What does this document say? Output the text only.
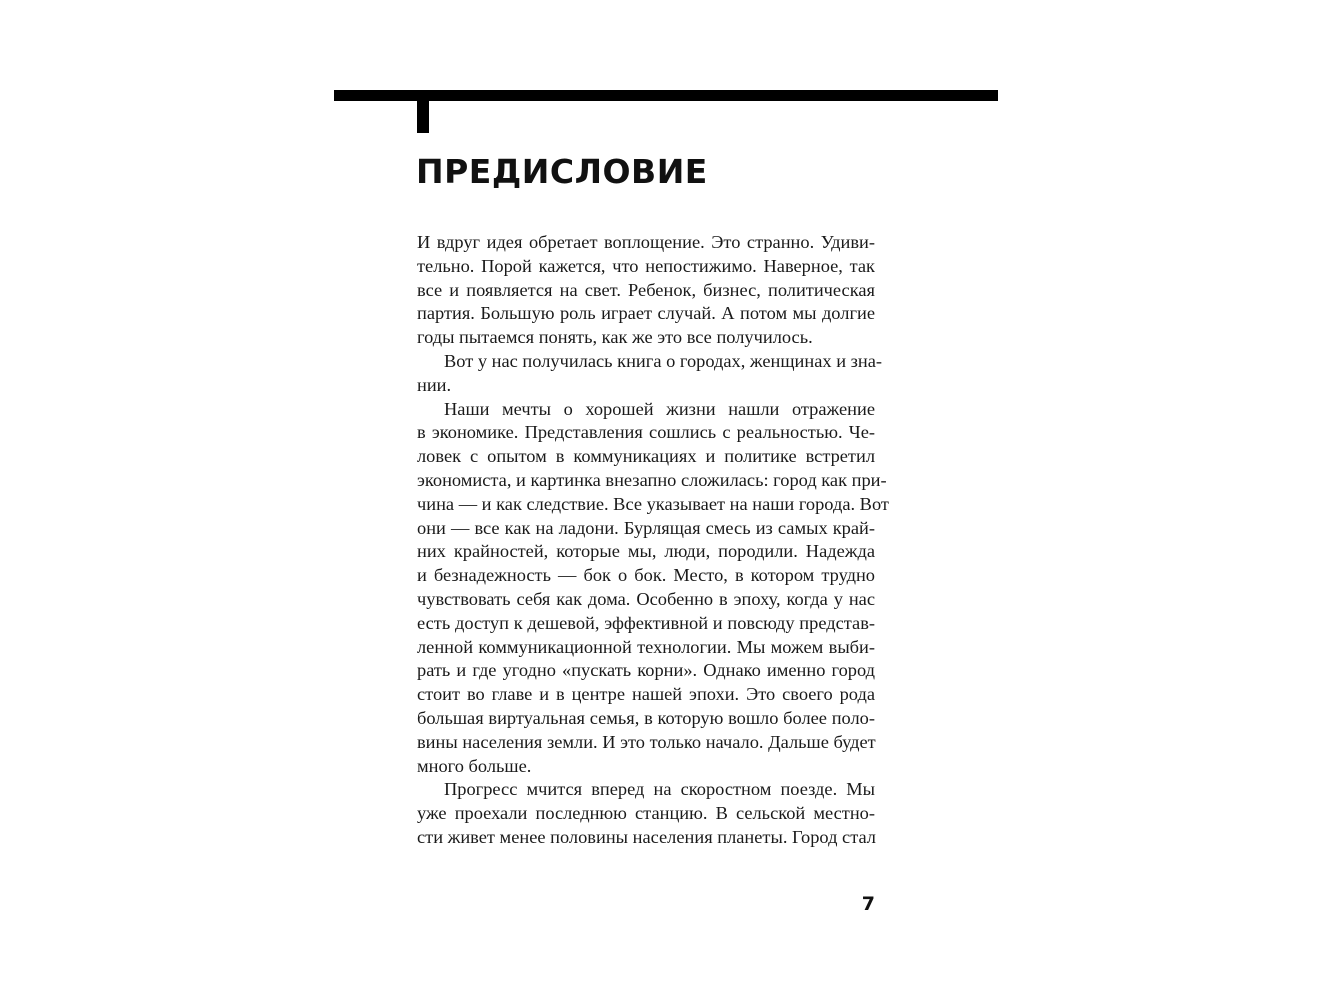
ПРЕДИСЛОВИЕ
И вдруг идея обретает воплощение. Это странно. Удиви-
тельно. Порой кажется, что непостижимо. Наверное, так
все и появляется на свет. Ребенок, бизнес, политическая
партия. Большую роль играет случай. А потом мы долгие
годы пытаемся понять, как же это все получилось.
Вот у нас получилась книга о городах, женщинах и зна-
нии.
Наши мечты о хорошей жизни нашли отражение
в экономике. Представления сошлись с реальностью. Че-
ловек с опытом в коммуникациях и политике встретил
экономиста, и картинка внезапно сложилась: город как при-
чина — и как следствие. Все указывает на наши города. Вот
они — все как на ладони. Бурлящая смесь из самых край-
них крайностей, которые мы, люди, породили. Надежда
и безнадежность — бок о бок. Место, в котором трудно
чувствовать себя как дома. Особенно в эпоху, когда у нас
есть доступ к дешевой, эффективной и повсюду представ-
ленной коммуникационной технологии. Мы можем выби-
рать и где угодно «пускать корни». Однако именно город
стоит во главе и в центре нашей эпохи. Это своего рода
большая виртуальная семья, в которую вошло более поло-
вины населения земли. И это только начало. Дальше будет
много больше.
Прогресс мчится вперед на скоростном поезде. Мы
уже проехали последнюю станцию. В сельской местно-
сти живет менее половины населения планеты. Город стал
7
